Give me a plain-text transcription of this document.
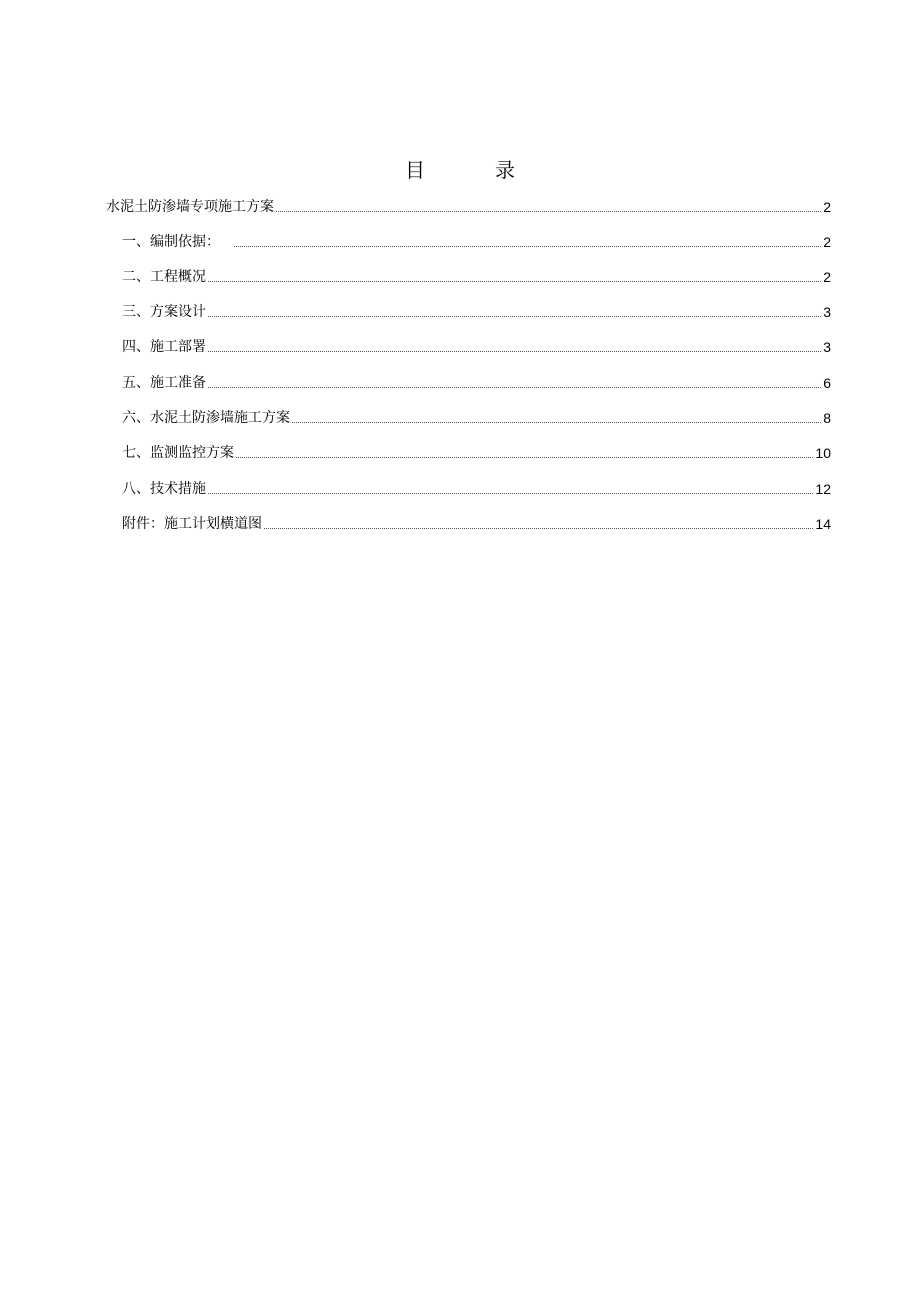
目	录
水泥土防渗墙专项施工方案	2
一、编制依据：	2
二、工程概况	2
三、方案设计	3
四、施工部署	3
五、施工准备	6
六、水泥土防渗墙施工方案	8
七、监测监控方案	10
八、技术措施	12
附件：施工计划横道图	14
